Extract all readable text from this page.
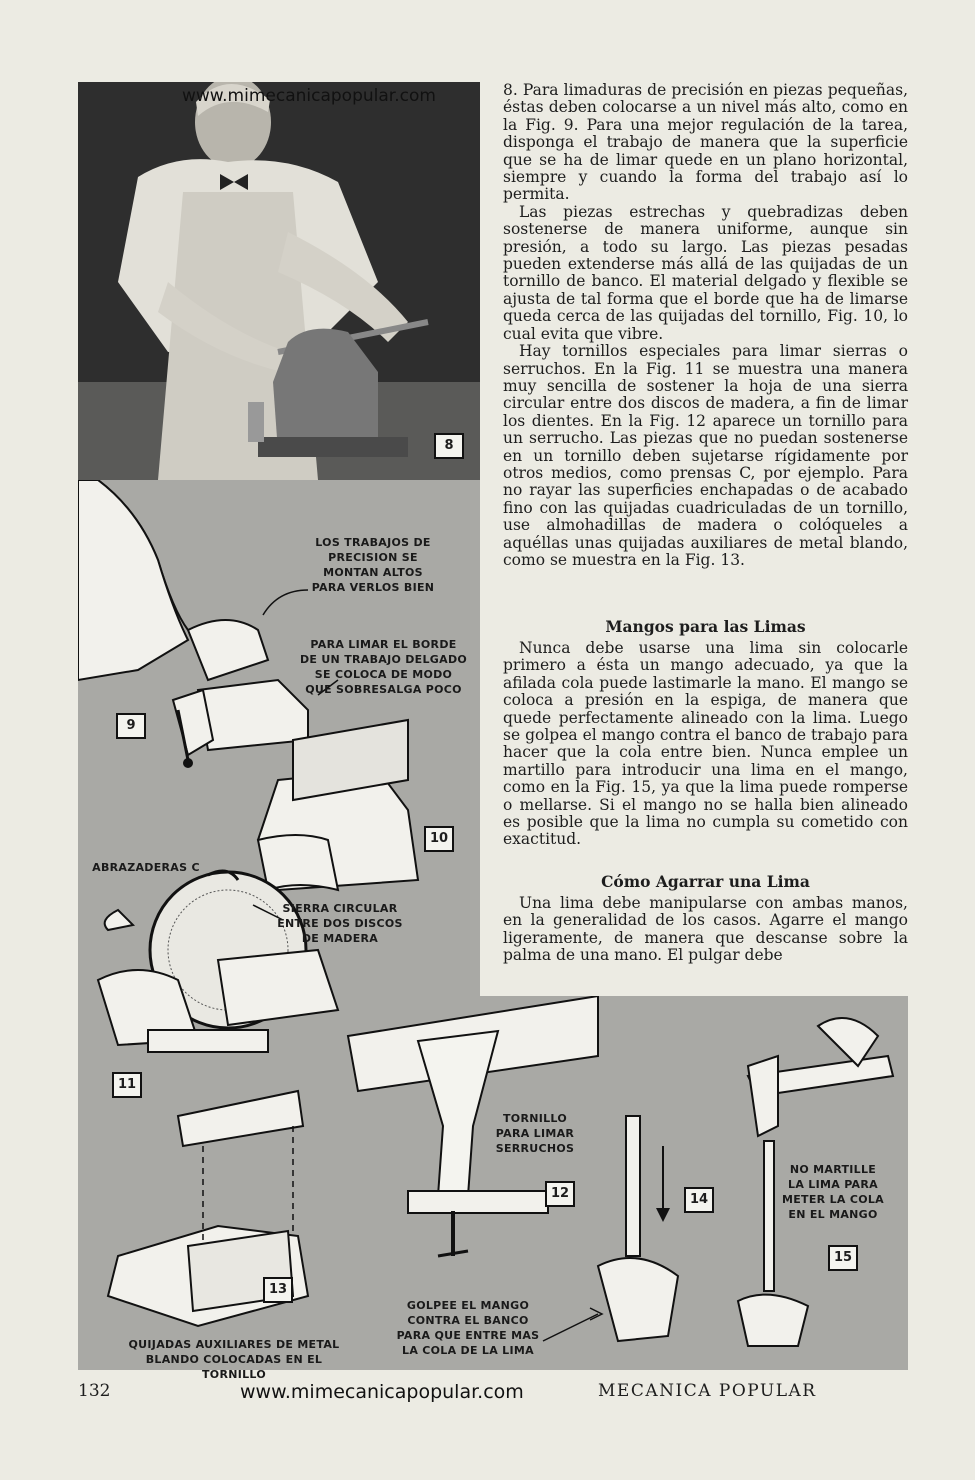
www.mimecanicapopular.com
8
9
10
11
12
13
14
15
LOS TRABAJOS DE
PRECISION SE
MONTAN ALTOS
PARA VERLOS BIEN
PARA LIMAR EL BORDE
DE UN TRABAJO DELGADO
SE COLOCA DE MODO
QUE SOBRESALGA POCO
ABRAZADERAS C
SIERRA CIRCULAR
ENTRE DOS DISCOS
DE MADERA
TORNILLO
PARA LIMAR
SERRUCHOS
NO MARTILLE
LA LIMA PARA
METER LA COLA
EN EL MANGO
GOLPEE EL MANGO
CONTRA EL BANCO
PARA QUE ENTRE MAS
LA COLA DE LA LIMA
QUIJADAS AUXILIARES DE METAL
BLANDO COLOCADAS EN EL TORNILLO

8. Para limaduras de precisión en piezas pequeñas, éstas deben colocarse a un nivel más alto, como en la Fig. 9. Para una mejor regulación de la tarea, disponga el trabajo de manera que la superficie que se ha de limar quede en un plano horizontal, siempre y cuando la forma del trabajo así lo permita.

Las piezas estrechas y quebradizas deben sostenerse de manera uniforme, aunque sin presión, a todo su largo. Las piezas pesadas pueden extenderse más allá de las quijadas de un tornillo de banco. El material delgado y flexible se ajusta de tal forma que el borde que ha de limarse queda cerca de las quijadas del tornillo, Fig. 10, lo cual evita que vibre.

Hay tornillos especiales para limar sierras o serruchos. En la Fig. 11 se muestra una manera muy sencilla de sostener la hoja de una sierra circular entre dos discos de madera, a fin de limar los dientes. En la Fig. 12 aparece un tornillo para un serrucho. Las piezas que no puedan sostenerse en un tornillo deben sujetarse rígidamente por otros medios, como prensas C, por ejemplo. Para no rayar las superficies enchapadas o de acabado fino con las quijadas cuadriculadas de un tornillo, use almohadillas de madera o colóqueles a aquéllas unas quijadas auxiliares de metal blando, como se muestra en la Fig. 13.

Mangos para las Limas

Nunca debe usarse una lima sin colocarle primero a ésta un mango adecuado, ya que la afilada cola puede lastimarle la mano. El mango se coloca a presión en la espiga, de manera que quede perfectamente alineado con la lima. Luego se golpea el mango contra el banco de trabajo para hacer que la cola entre bien. Nunca emplee un martillo para introducir una lima en el mango, como en la Fig. 15, ya que la lima puede romperse o mellarse. Si el mango no se halla bien alineado es posible que la lima no cumpla su cometido con exactitud.

Cómo Agarrar una Lima

Una lima debe manipularse con ambas manos, en la generalidad de los casos. Agarre el mango ligeramente, de manera que descanse sobre la palma de una mano. El pulgar debe

132	www.mimecanicapopular.com	MECANICA POPULAR
